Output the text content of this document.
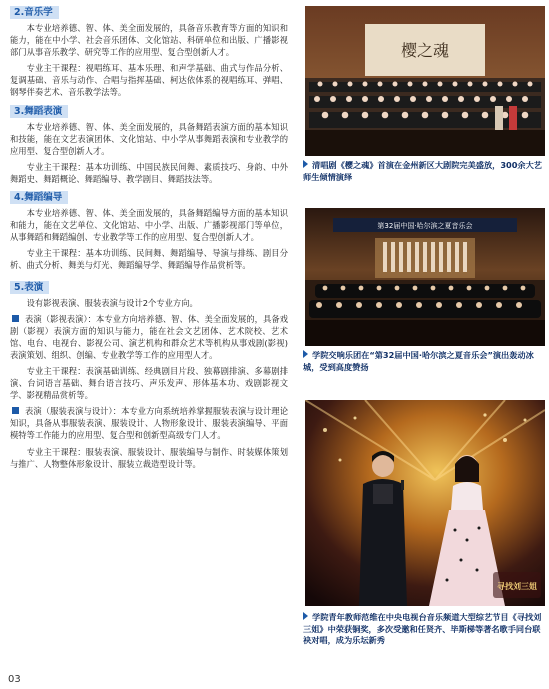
2.音乐学

本专业培养德、智、体、美全面发展的，具备音乐教育等方面的知识和能力，能在中小学、社会音乐团体、文化馆站、科研单位和出版、广播影视部门从事音乐教学、研究等工作的应用型、复合型创新人才。

专业主干课程：视唱练耳、基本乐理、和声学基础、曲式与作品分析、复调基础、音乐与动作、合唱与指挥基础、柯达依体系的视唱练耳、弹唱、钢琴伴奏艺术、音乐教学法等。

3.舞蹈表演

本专业培养德、智、体、美全面发展的，具备舞蹈表演方面的基本知识和技能，能在文艺表演团体、文化馆站、中小学从事舞蹈表演和专业教学的应用型、复合型创新人才。

专业主干课程：基本功训练、中国民族民间舞、素质技巧、身韵、中外舞蹈史、舞蹈概论、舞蹈编导、教学剧目、舞蹈技法等。

4.舞蹈编导

本专业培养德、智、体、美全面发展的，具备舞蹈编导方面的基本知识和能力，能在文艺单位、文化馆站、中小学、出版、广播影视部门等单位，从事舞蹈和舞蹈编创、专业教学等工作的应用型、复合型创新人才。

专业主干课程：基本功训练、民间舞、舞蹈编导、导演与排练、剧目分析、曲式分析、舞美与灯光、舞蹈编导学、舞蹈编导作品赏析等。

5.表演

设有影视表演、服装表演与设计2个专业方向。

表演（影视表演）：本专业方向培养德、智、体、美全面发展的，具备戏剧（影视）表演方面的知识与能力，能在社会文艺团体、艺术院校、艺术馆、电台、电视台、影视公司、演艺机构和群众艺术等机构从事戏剧(影视)表演策划、组织、创编、专业教学等工作的应用型人才。

专业主干课程：表演基础训练、经典剧目片段、独幕剧排演、多幕剧排演、台词语言基础、舞台语言技巧、声乐发声、形体基本功、戏剧影视文学、影视精品赏析等。

表演（服装表演与设计）：本专业方向系统培养掌握服装表演与设计理论知识，具备从事服装表演、服装设计、人物形象设计、服装表演编导、平面模特等工作能力的应用型、复合型和创新型高级专门人才。

专业主干课程：服装表演、服装设计、服装编导与制作、时装媒体策划与推广、人物整体形象设计、服装立裁造型设计等。

樱之魂
清唱剧《樱之魂》首演在金州新区大剧院完美盛放，300余大艺师生倾情演绎
第32届中国·哈尔滨之夏音乐会
学院交响乐团在“第32届中国·哈尔滨之夏音乐会”演出轰动冰城，受到高度赞扬
寻找刘三姐
学院青年教师范维在中央电视台音乐频道大型综艺节目《寻找刘三姐》中荣获铜奖，多次受邀和任贤齐、毕斯梯等著名歌手同台联袂对唱，成为乐坛新秀
03
